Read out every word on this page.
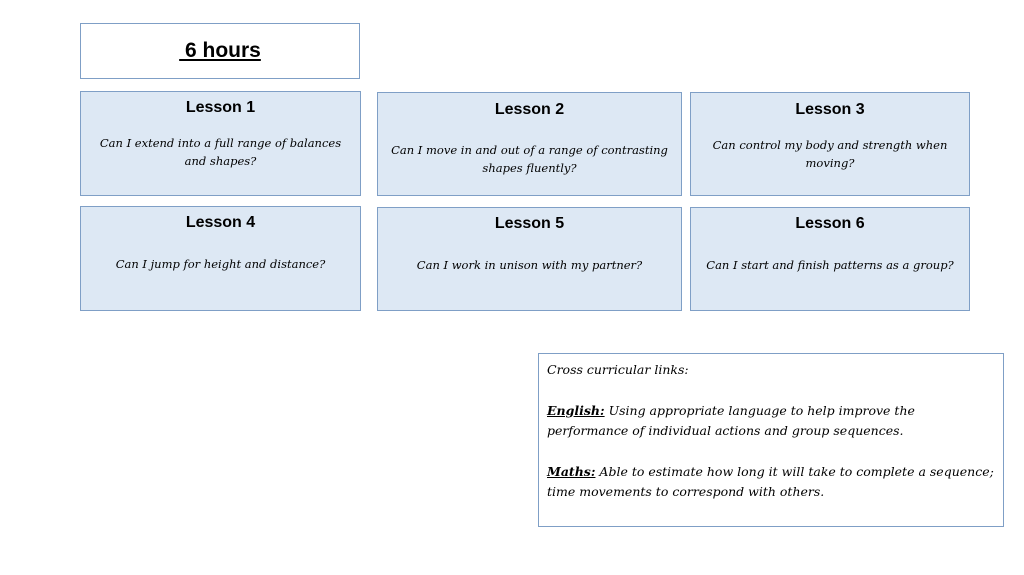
6 hours
Lesson 1
Can I extend into a full range of balances and shapes?
Lesson 2
Can I move in and out of a range of contrasting shapes fluently?
Lesson 3
Can control my body and strength when moving?
Lesson 4
Can I jump for height and distance?
Lesson 5
Can I work in unison with my partner?
Lesson 6
Can I start and finish patterns as a group?

Cross curricular links:

English: Using appropriate language to help improve the performance of individual actions and group sequences.

Maths: Able to estimate how long it will take to complete a sequence; time movements to correspond with others.
